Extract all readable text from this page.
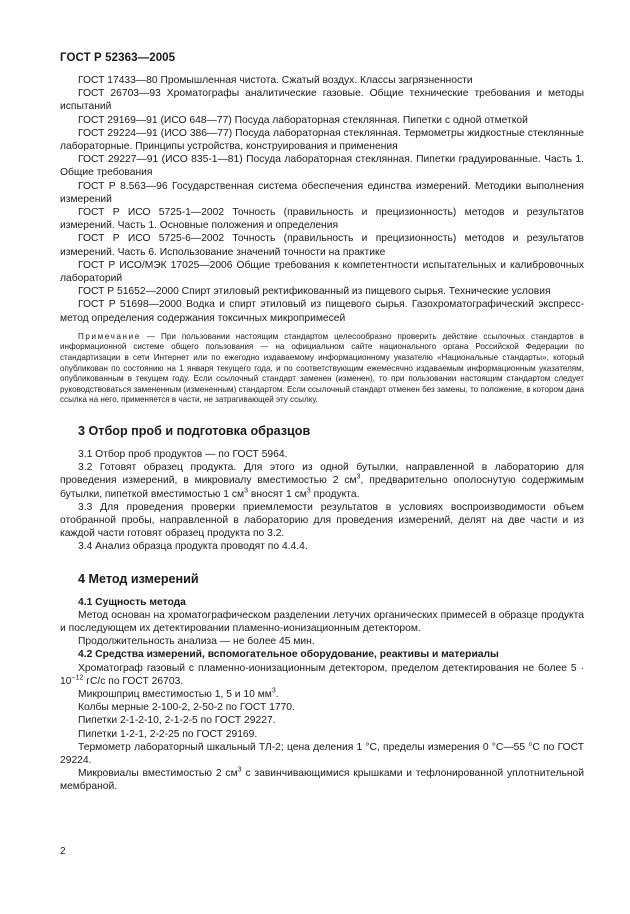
ГОСТ Р 52363—2005

ГОСТ 17433—80 Промышленная чистота. Сжатый воздух. Классы загрязненности

ГОСТ 26703—93 Хроматографы аналитические газовые. Общие технические требования и методы испытаний

ГОСТ 29169—91 (ИСО 648—77) Посуда лабораторная стеклянная. Пипетки с одной отметкой

ГОСТ 29224—91 (ИСО 386—77) Посуда лабораторная стеклянная. Термометры жидкостные стеклянные лабораторные. Принципы устройства, конструирования и применения

ГОСТ 29227—91 (ИСО 835-1—81) Посуда лабораторная стеклянная. Пипетки градуированные. Часть 1. Общие требования

ГОСТ Р 8.563—96 Государственная система обеспечения единства измерений. Методики выполнения измерений

ГОСТ Р ИСО 5725-1—2002 Точность (правильность и прецизионность) методов и результатов измерений. Часть 1. Основные положения и определения

ГОСТ Р ИСО 5725-6—2002 Точность (правильность и прецизионность) методов и результатов измерений. Часть 6. Использование значений точности на практике

ГОСТ Р ИСО/МЭК 17025—2006 Общие требования к компетентности испытательных и калибровочных лабораторий

ГОСТ Р 51652—2000 Спирт этиловый ректификованный из пищевого сырья. Технические условия

ГОСТ Р 51698—2000 Водка и спирт этиловый из пищевого сырья. Газохроматографический экспресс-метод определения содержания токсичных микропримесей

Примечание — При пользовании настоящим стандартом целесообразно проверить действие ссылочных стандартов в информационной системе общего пользования — на официальном сайте национального органа Российской Федерации по стандартизации в сети Интернет или по ежегодно издаваемому информационному указателю «Национальные стандарты», который опубликован по состоянию на 1 января текущего года, и по соответствующим ежемесячно издаваемым информационным указателям, опубликованным в текущем году. Если ссылочный стандарт заменен (изменен), то при пользовании настоящим стандартом следует руководствоваться замененным (измененным) стандартом. Если ссылочный стандарт отменен без замены, то положение, в котором дана ссылка на него, применяется в части, не затрагивающей эту ссылку.

3 Отбор проб и подготовка образцов

3.1 Отбор проб продуктов — по ГОСТ 5964.

3.2 Готовят образец продукта. Для этого из одной бутылки, направленной в лабораторию для проведения измерений, в микровиалу вместимостью 2 $см^3$, предварительно ополоснутую содержимым бутылки, пипеткой вместимостью 1 $см^3$ вносят 1 $см^3$ продукта.

3.3 Для проведения проверки приемлемости результатов в условиях воспроизводимости объем отобранной пробы, направленной в лабораторию для проведения измерений, делят на две части и из каждой части готовят образец продукта по 3.2.

3.4 Анализ образца продукта проводят по 4.4.4.

4 Метод измерений

4.1 Сущность метода

Метод основан на хроматографическом разделении летучих органических примесей в образце продукта и последующем их детектировании пламенно-ионизационным детектором.

Продолжительность анализа — не более 45 мин.

4.2 Средства измерений, вспомогательное оборудование, реактивы и материалы

Хроматограф газовый с пламенно-ионизационным детектором, пределом детектирования не более $5 \cdot 10^{-12}$ гС/с по ГОСТ 26703.

Микрошприц вместимостью 1, 5 и 10 $мм^3$.

Колбы мерные 2-100-2, 2-50-2 по ГОСТ 1770.

Пипетки 2-1-2-10, 2-1-2-5 по ГОСТ 29227.

Пипетки 1-2-1, 2-2-25 по ГОСТ 29169.

Термометр лабораторный шкальный ТЛ-2; цена деления 1 °С, пределы измерения 0 °С—55 °С по ГОСТ 29224.

Микровиалы вместимостью 2 $см^3$ с завинчивающимися крышками и тефлонированной уплотнительной мембраной.

2
